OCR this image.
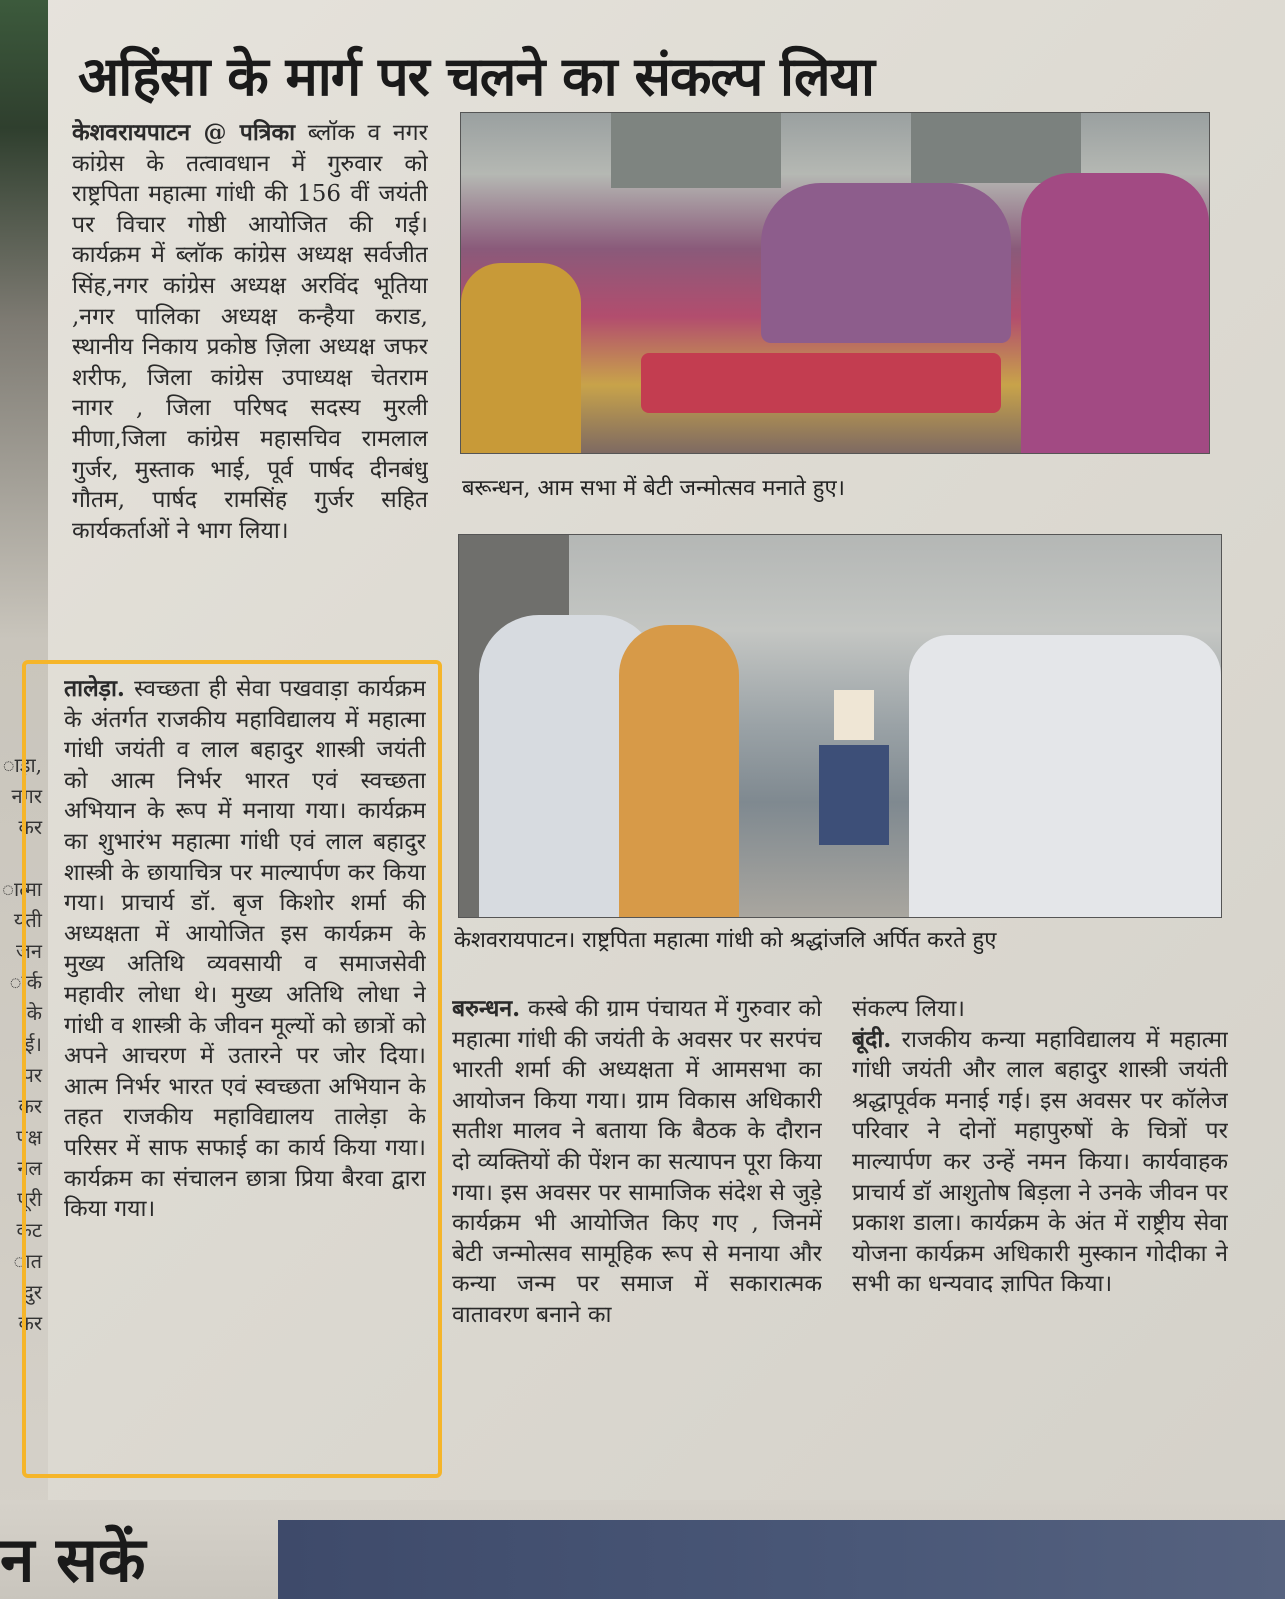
ाड़ा,
नगर
कर
ात्मा
यती
जन
ार्क
के
ई।
पर
कर
पक्ष
नल
पूरी
कट
ात
दुर
कर
अहिंसा के मार्ग पर चलने का संकल्प लिया
केशवरायपाटन @ पत्रिका ब्लॉक व नगर कांग्रेस के तत्वावधान में गुरुवार को राष्ट्रपिता महात्मा गांधी की 156 वीं जयंती पर विचार गोष्ठी आयोजित की गई। कार्यक्रम में ब्लॉक कांग्रेस अध्यक्ष सर्वजीत सिंह,नगर कांग्रेस अध्यक्ष अरविंद भूतिया ,नगर पालिका अध्यक्ष कन्हैया कराड, स्थानीय निकाय प्रकोष्ठ ज़िला अध्यक्ष जफर शरीफ, जिला कांग्रेस उपाध्यक्ष चेतराम नागर , जिला परिषद सदस्य मुरली मीणा,जिला कांग्रेस महासचिव रामलाल गुर्जर, मुस्ताक भाई, पूर्व पार्षद दीनबंधु गौतम, पार्षद रामसिंह गुर्जर सहित कार्यकर्ताओं ने भाग लिया।
तालेड़ा. स्वच्छता ही सेवा पखवाड़ा कार्यक्रम के अंतर्गत राजकीय महाविद्यालय में महात्मा गांधी जयंती व लाल बहादुर शास्त्री जयंती को आत्म निर्भर भारत एवं स्वच्छता अभियान के रूप में मनाया गया। कार्यक्रम का शुभारंभ महात्मा गांधी एवं लाल बहादुर शास्त्री के छायाचित्र पर माल्यार्पण कर किया गया। प्राचार्य डॉ. बृज किशोर शर्मा की अध्यक्षता में आयोजित इस कार्यक्रम के मुख्य अतिथि व्यवसायी व समाजसेवी महावीर लोधा थे। मुख्य अतिथि लोधा ने गांधी व शास्त्री के जीवन मूल्यों को छात्रों को अपने आचरण में उतारने पर जोर दिया। आत्म निर्भर भारत एवं स्वच्छता अभियान के तहत राजकीय महाविद्यालय तालेड़ा के परिसर में साफ सफाई का कार्य किया गया। कार्यक्रम का संचालन छात्रा प्रिया बैरवा द्वारा किया गया।
बरून्धन, आम सभा में बेटी जन्मोत्सव मनाते हुए।
केशवरायपाटन। राष्ट्रपिता महात्मा गांधी को श्रद्धांजलि अर्पित करते हुए
बरुन्धन. कस्बे की ग्राम पंचायत में गुरुवार को महात्मा गांधी की जयंती के अवसर पर सरपंच भारती शर्मा की अध्यक्षता में आमसभा का आयोजन किया गया। ग्राम विकास अधिकारी सतीश मालव ने बताया कि बैठक के दौरान दो व्यक्तियों की पेंशन का सत्यापन पूरा किया गया। इस अवसर पर सामाजिक संदेश से जुड़े कार्यक्रम भी आयोजित किए गए , जिनमें बेटी जन्मोत्सव सामूहिक रूप से मनाया और कन्या जन्म पर समाज में सकारात्मक वातावरण बनाने का
संकल्प लिया।
बूंदी. राजकीय कन्या महाविद्यालय में महात्मा गांधी जयंती और लाल बहादुर शास्त्री जयंती श्रद्धापूर्वक मनाई गई। इस अवसर पर कॉलेज परिवार ने दोनों महापुरुषों के चित्रों पर माल्यार्पण कर उन्हें नमन किया। कार्यवाहक प्राचार्य डॉ आशुतोष बिड़ला ने उनके जीवन पर प्रकाश डाला। कार्यक्रम के अंत में राष्ट्रीय सेवा योजना कार्यक्रम अधिकारी मुस्कान गोदीका ने सभी का धन्यवाद ज्ञापित किया।
न सकें
